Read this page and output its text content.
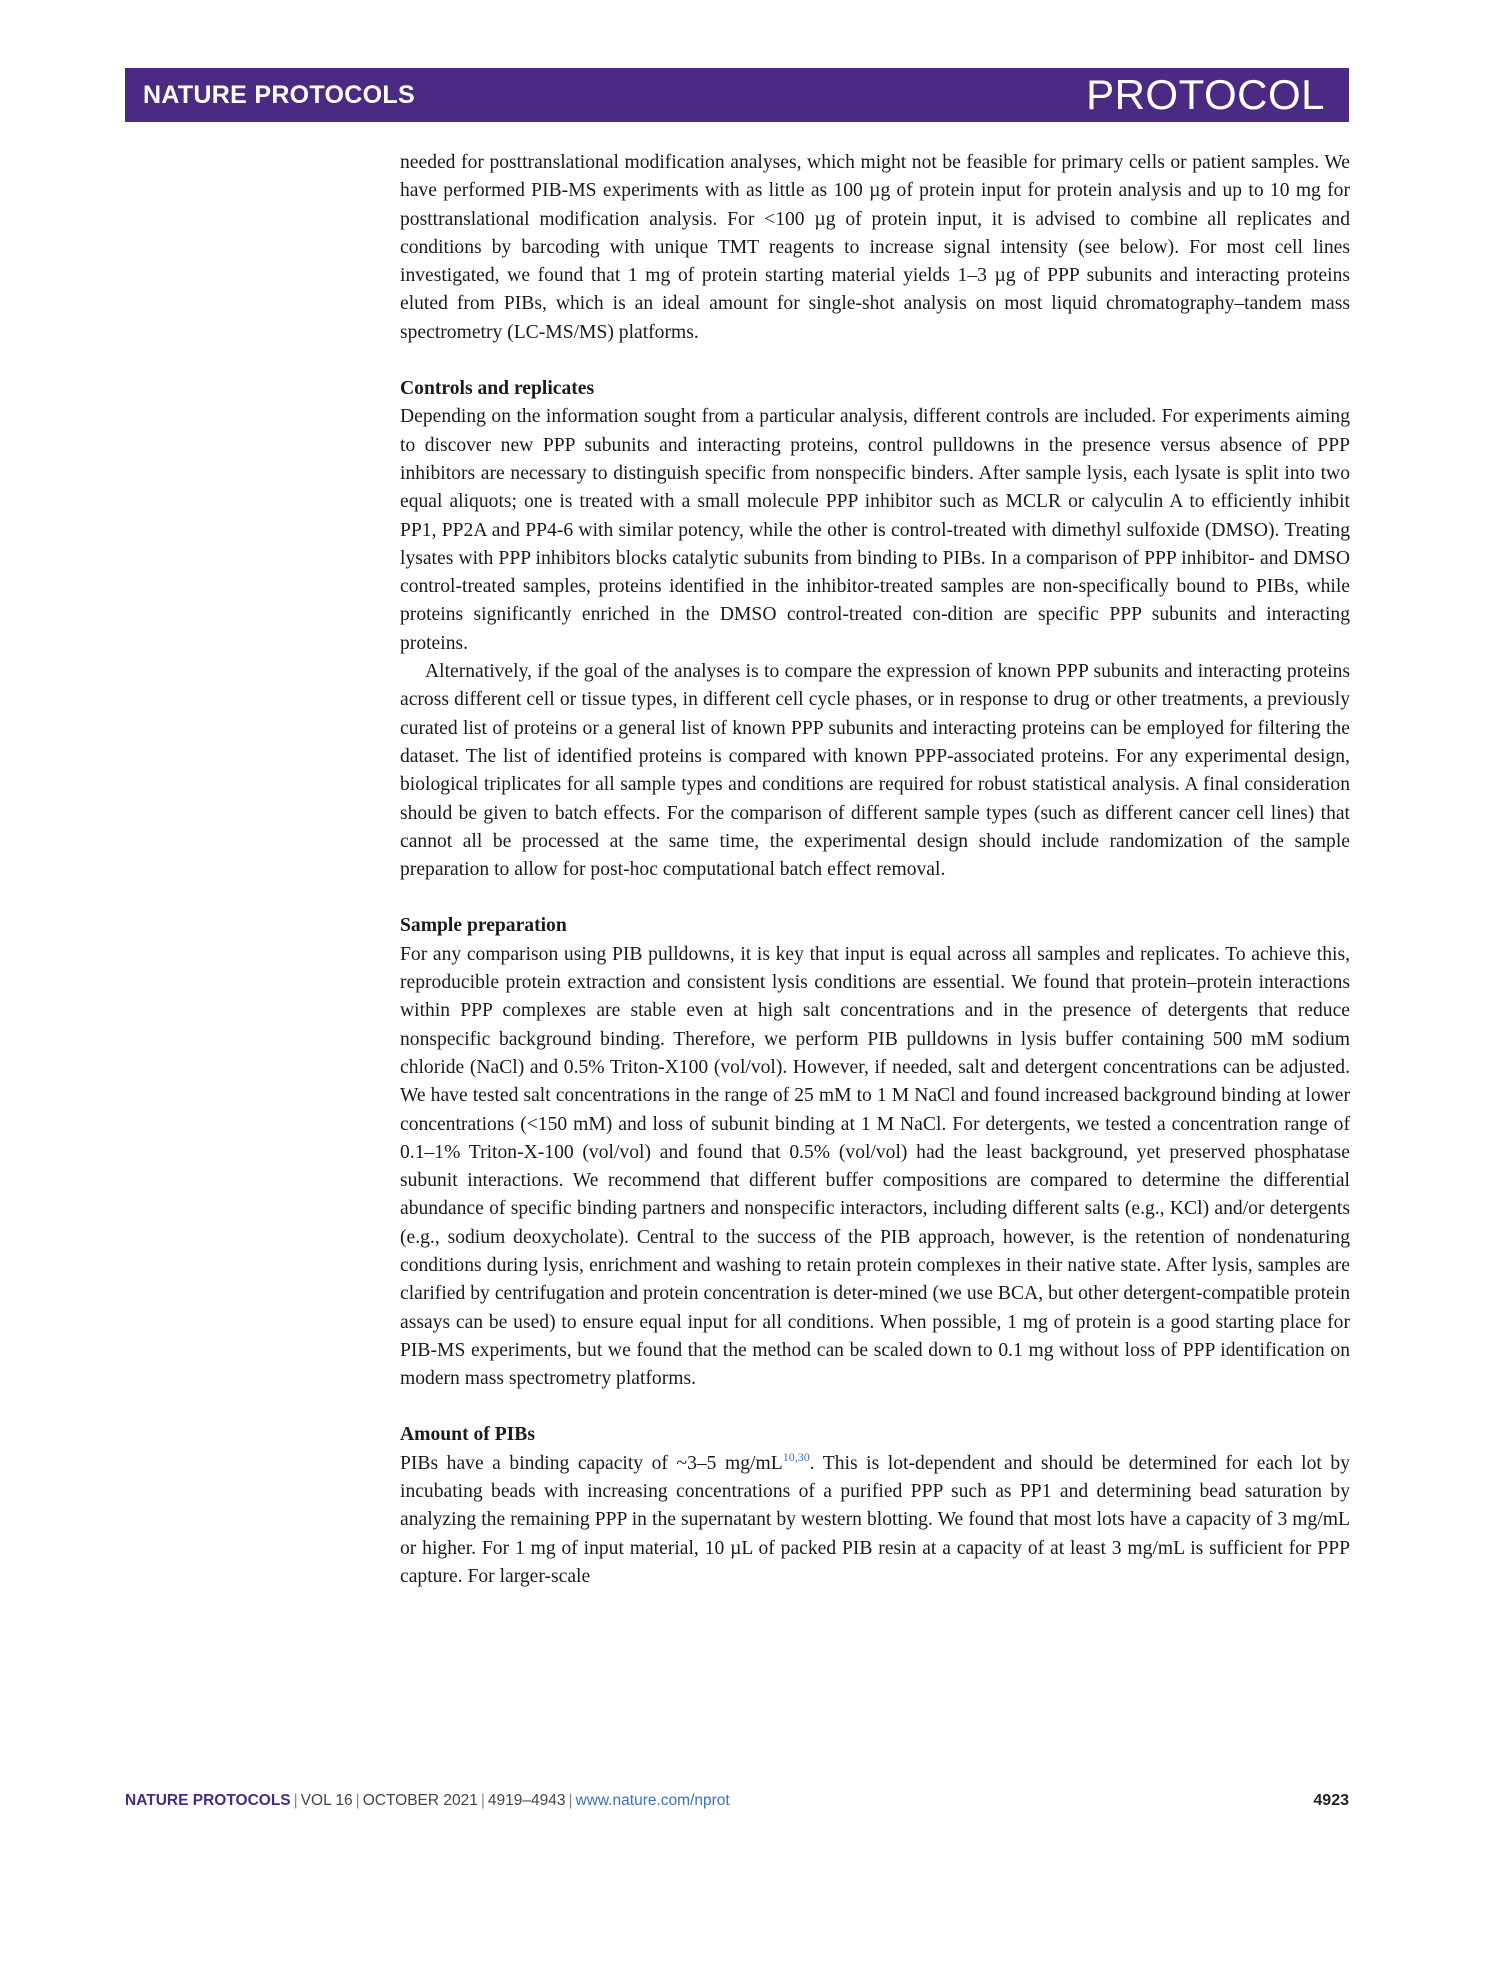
NATURE PROTOCOLS	PROTOCOL

needed for posttranslational modification analyses, which might not be feasible for primary cells or patient samples. We have performed PIB-MS experiments with as little as 100 µg of protein input for protein analysis and up to 10 mg for posttranslational modification analysis. For <100 µg of protein input, it is advised to combine all replicates and conditions by barcoding with unique TMT reagents to increase signal intensity (see below). For most cell lines investigated, we found that 1 mg of protein starting material yields 1–3 µg of PPP subunits and interacting proteins eluted from PIBs, which is an ideal amount for single-shot analysis on most liquid chromatography–tandem mass spectrometry (LC-MS/MS) platforms.

Controls and replicates

Depending on the information sought from a particular analysis, different controls are included. For experiments aiming to discover new PPP subunits and interacting proteins, control pulldowns in the presence versus absence of PPP inhibitors are necessary to distinguish specific from nonspecific binders. After sample lysis, each lysate is split into two equal aliquots; one is treated with a small molecule PPP inhibitor such as MCLR or calyculin A to efficiently inhibit PP1, PP2A and PP4-6 with similar potency, while the other is control-treated with dimethyl sulfoxide (DMSO). Treating lysates with PPP inhibitors blocks catalytic subunits from binding to PIBs. In a comparison of PPP inhibitor- and DMSO control-treated samples, proteins identified in the inhibitor-treated samples are non-specifically bound to PIBs, while proteins significantly enriched in the DMSO control-treated con-dition are specific PPP subunits and interacting proteins.

Alternatively, if the goal of the analyses is to compare the expression of known PPP subunits and interacting proteins across different cell or tissue types, in different cell cycle phases, or in response to drug or other treatments, a previously curated list of proteins or a general list of known PPP subunits and interacting proteins can be employed for filtering the dataset. The list of identified proteins is compared with known PPP-associated proteins. For any experimental design, biological triplicates for all sample types and conditions are required for robust statistical analysis. A final consideration should be given to batch effects. For the comparison of different sample types (such as different cancer cell lines) that cannot all be processed at the same time, the experimental design should include randomization of the sample preparation to allow for post-hoc computational batch effect removal.

Sample preparation

For any comparison using PIB pulldowns, it is key that input is equal across all samples and replicates. To achieve this, reproducible protein extraction and consistent lysis conditions are essential. We found that protein–protein interactions within PPP complexes are stable even at high salt concentrations and in the presence of detergents that reduce nonspecific background binding. Therefore, we perform PIB pulldowns in lysis buffer containing 500 mM sodium chloride (NaCl) and 0.5% Triton-X100 (vol/vol). However, if needed, salt and detergent concentrations can be adjusted. We have tested salt concentrations in the range of 25 mM to 1 M NaCl and found increased background binding at lower concentrations (<150 mM) and loss of subunit binding at 1 M NaCl. For detergents, we tested a concentration range of 0.1–1% Triton-X-100 (vol/vol) and found that 0.5% (vol/vol) had the least background, yet preserved phosphatase subunit interactions. We recommend that different buffer compositions are compared to determine the differential abundance of specific binding partners and nonspecific interactors, including different salts (e.g., KCl) and/or detergents (e.g., sodium deoxycholate). Central to the success of the PIB approach, however, is the retention of nondenaturing conditions during lysis, enrichment and washing to retain protein complexes in their native state. After lysis, samples are clarified by centrifugation and protein concentration is deter-mined (we use BCA, but other detergent-compatible protein assays can be used) to ensure equal input for all conditions. When possible, 1 mg of protein is a good starting place for PIB-MS experiments, but we found that the method can be scaled down to 0.1 mg without loss of PPP identification on modern mass spectrometry platforms.

Amount of PIBs

PIBs have a binding capacity of ~3–5 mg/mL$^{10,30}$. This is lot-dependent and should be determined for each lot by incubating beads with increasing concentrations of a purified PPP such as PP1 and determining bead saturation by analyzing the remaining PPP in the supernatant by western blotting. We found that most lots have a capacity of 3 mg/mL or higher. For 1 mg of input material, 10 µL of packed PIB resin at a capacity of at least 3 mg/mL is sufficient for PPP capture. For larger-scale

NATURE PROTOCOLS | VOL 16 | OCTOBER 2021 | 4919–4943 | www.nature.com/nprot	4923
